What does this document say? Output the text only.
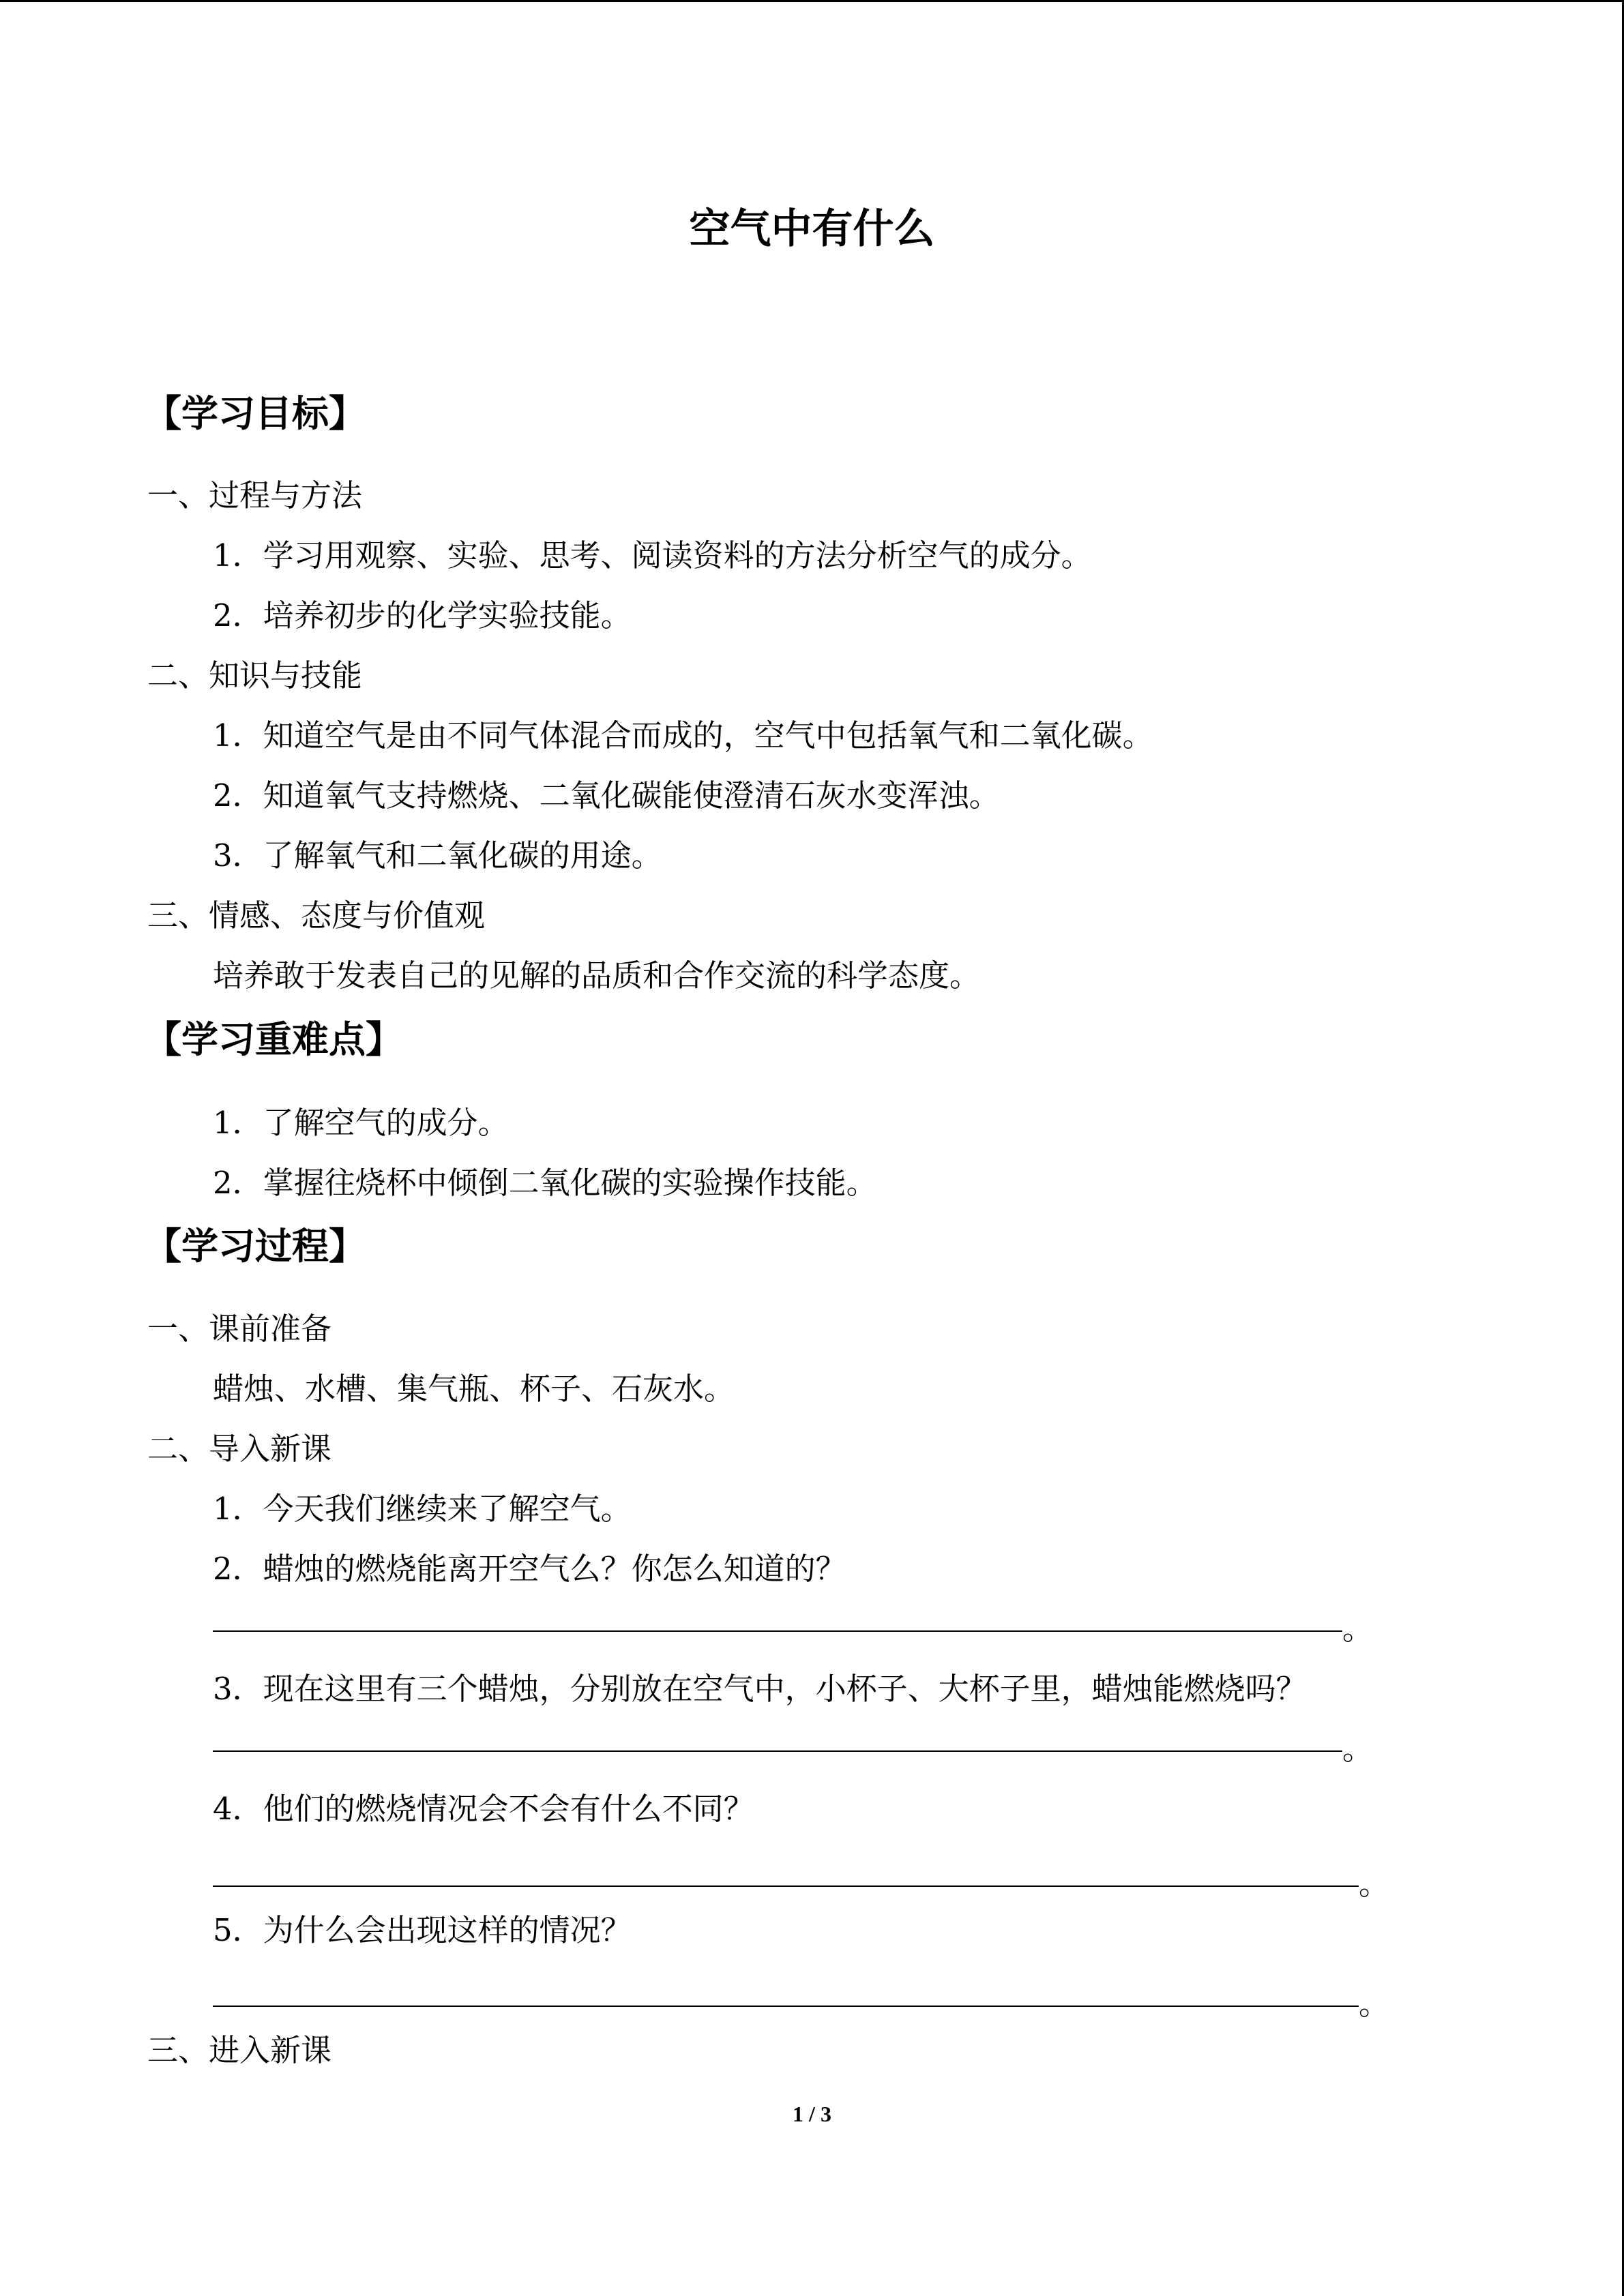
空气中有什么
【学习目标】
一、过程与方法
1．学习用观察、实验、思考、阅读资料的方法分析空气的成分。
2．培养初步的化学实验技能。
二、知识与技能
1．知道空气是由不同气体混合而成的，空气中包括氧气和二氧化碳。
2．知道氧气支持燃烧、二氧化碳能使澄清石灰水变浑浊。
3．了解氧气和二氧化碳的用途。
三、情感、态度与价值观
培养敢于发表自己的见解的品质和合作交流的科学态度。
【学习重难点】
1．了解空气的成分。
2．掌握往烧杯中倾倒二氧化碳的实验操作技能。
【学习过程】
一、课前准备
蜡烛、水槽、集气瓶、杯子、石灰水。
二、导入新课
1．今天我们继续来了解空气。
2．蜡烛的燃烧能离开空气么？你怎么知道的？
。
3．现在这里有三个蜡烛，分别放在空气中，小杯子、大杯子里，蜡烛能燃烧吗？
。
4．他们的燃烧情况会不会有什么不同？
。
5．为什么会出现这样的情况？
。
三、进入新课
1 / 3
